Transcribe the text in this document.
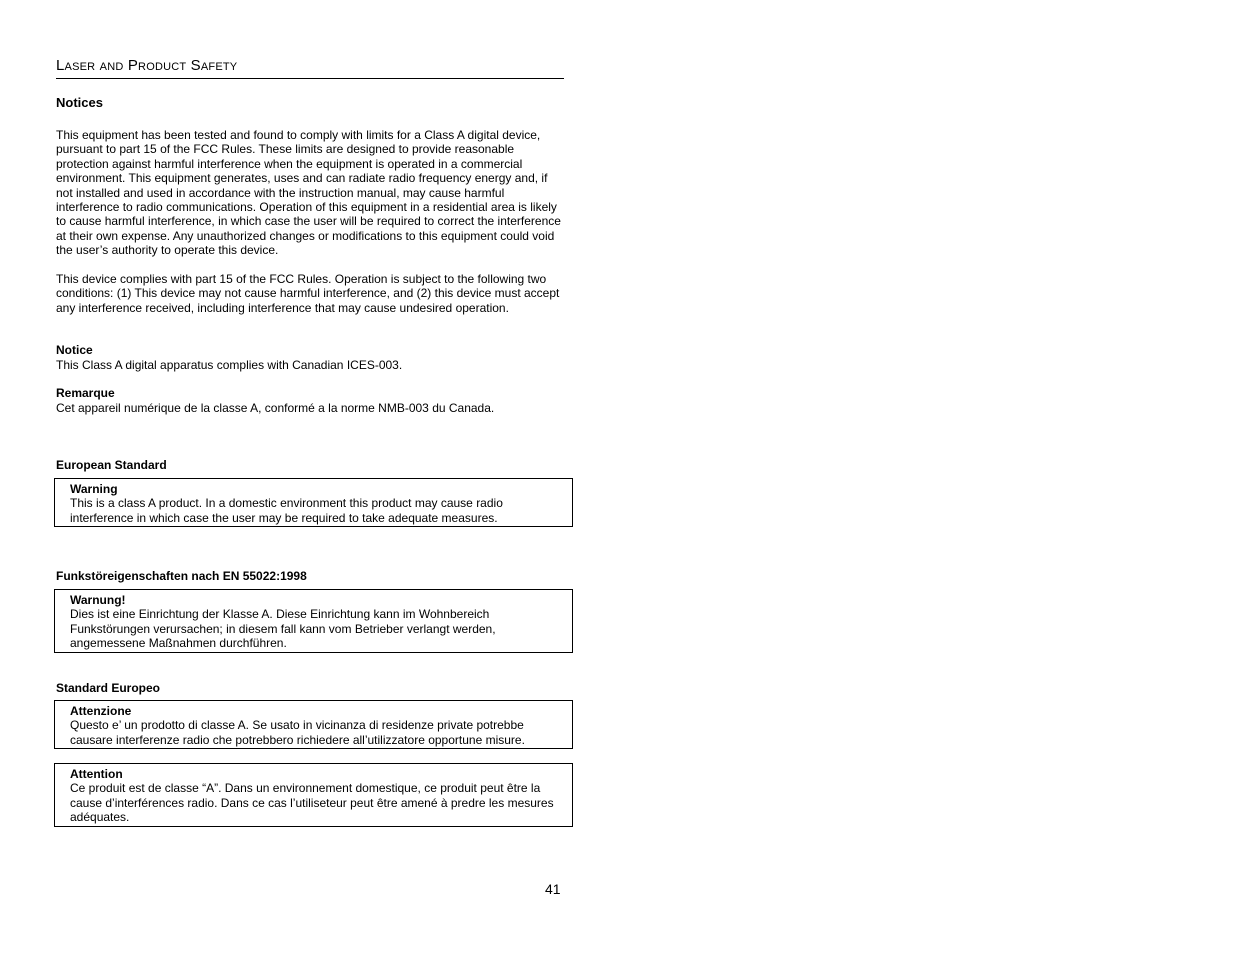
Laser and Product Safety
Notices

This equipment has been tested and found to comply with limits for a Class A digital device, pursuant to part 15 of the FCC Rules. These limits are designed to provide reasonable protection against harmful interference when the equipment is operated in a commercial environment. This equipment generates, uses and can radiate radio frequency energy and, if not installed and used in accordance with the instruction manual, may cause harmful interference to radio communications. Operation of this equipment in a residential area is likely to cause harmful interference, in which case the user will be required to correct the interference at their own expense. Any unauthorized changes or modifications to this equipment could void the user’s authority to operate this device.

This device complies with part 15 of the FCC Rules. Operation is subject to the following two conditions: (1) This device may not cause harmful interference, and (2) this device must accept any interference received, including interference that may cause undesired operation.

Notice
This Class A digital apparatus complies with Canadian ICES-003.
Remarque
Cet appareil numérique de la classe A, conformé a la norme NMB-003 du Canada.
European Standard
Warning
This is a class A product. In a domestic environment this product may cause radio interference in which case the user may be required to take adequate measures.
Funkstöreigenschaften nach EN 55022:1998
Warnung!
Dies ist eine Einrichtung der Klasse A. Diese Einrichtung kann im Wohnbereich Funkstörungen verursachen; in diesem fall kann vom Betrieber verlangt werden, angemessene Maßnahmen durchführen.
Standard Europeo
Attenzione
Questo e’ un prodotto di classe A. Se usato in vicinanza di residenze private potrebbe causare interferenze radio che potrebbero richiedere all’utilizzatore opportune misure.
Attention
Ce produit est de classe “A”. Dans un environnement domestique, ce produit peut être la cause d’interférences radio. Dans ce cas l’utiliseteur peut être amené à predre les mesures adéquates.
41
